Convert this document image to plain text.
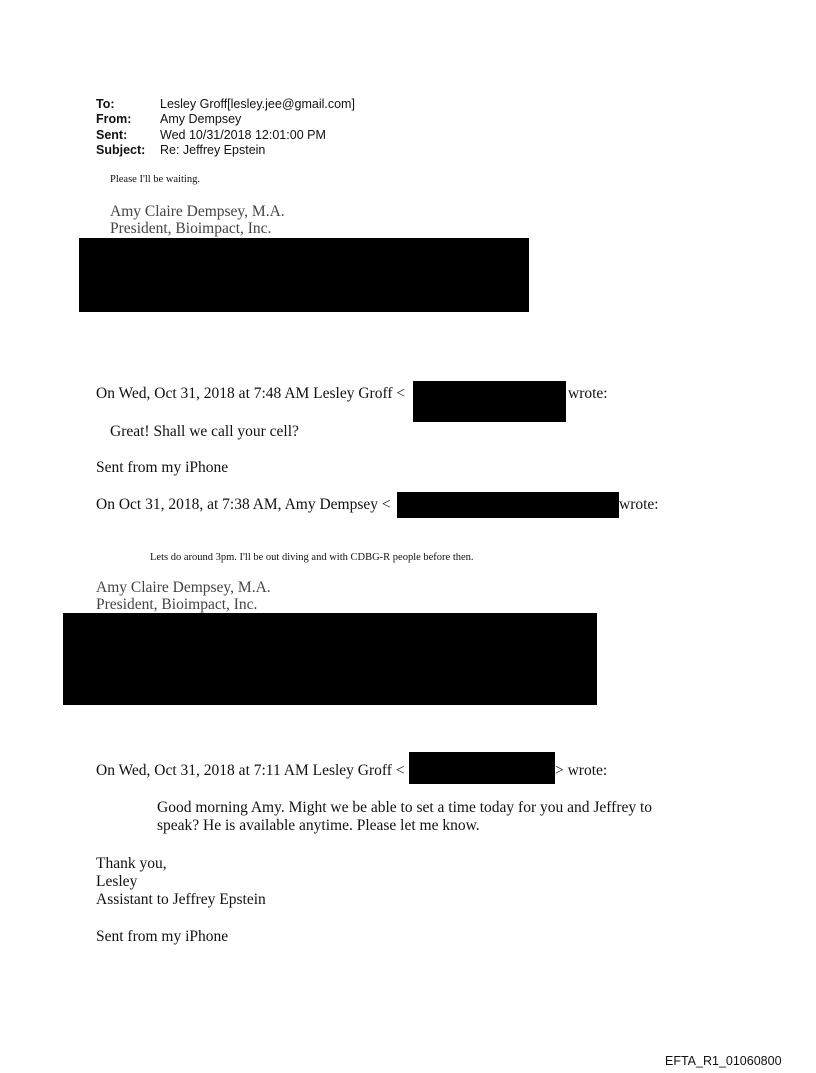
To:	Lesley Groff[lesley.jee@gmail.com]
From: Amy Dempsey
Sent:	Wed 10/31/2018 12:01:00 PM
Subject: Re: Jeffrey Epstein
Please I'll be waiting.
Amy Claire Dempsey, M.A.
President, Bioimpact, Inc.
On Wed, Oct 31, 2018 at 7:48 AM Lesley Groff <	wrote:
Great! Shall we call your cell?
Sent from my iPhone
On Oct 31, 2018, at 7:38 AM, Amy Dempsey <	wrote:
Lets do around 3pm. I'll be out diving and with CDBG-R people before then.
Amy Claire Dempsey, M.A.
President, Bioimpact, Inc.
On Wed, Oct 31, 2018 at 7:11 AM Lesley Groff <	> wrote:
Good morning Amy. Might we be able to set a time today for you and Jeffrey to
speak? He is available anytime. Please let me know.
Thank you,
Lesley
Assistant to Jeffrey Epstein
Sent from my iPhone
EFTA_R1_01060800
